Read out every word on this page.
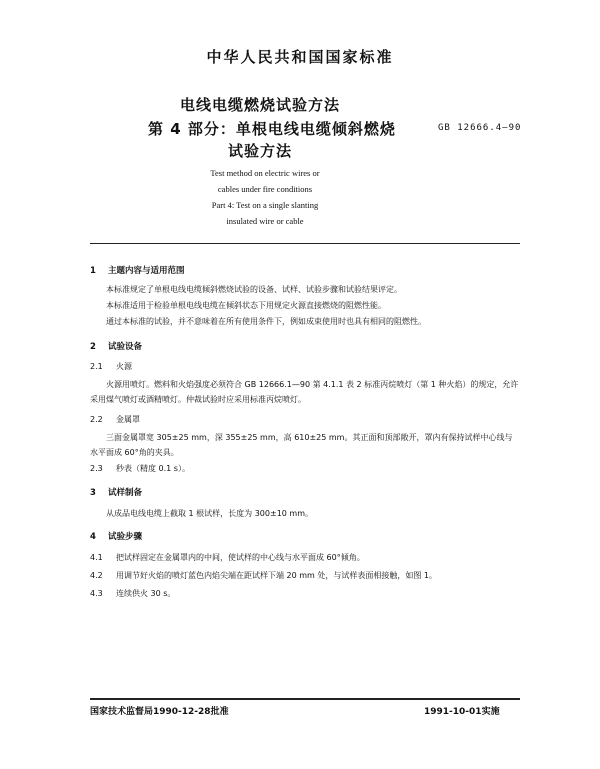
中华人民共和国国家标准
电线电缆燃烧试验方法
第 4 部分：单根电线电缆倾斜燃烧
试验方法
GB 12666.4—90
Test method on electric wires or
cables under fire conditions
Part 4: Test on a single slanting
insulated wire or cable
1 主题内容与适用范围
本标准规定了单根电线电缆倾斜燃烧试验的设备、试样、试验步骤和试验结果评定。
本标准适用于检验单根电线电缆在倾斜状态下用规定火源直接燃烧的阻燃性能。
通过本标准的试验，并不意味着在所有使用条件下，例如成束使用时也具有相同的阻燃性。
2 试验设备
2.1 火源
火源用喷灯。燃料和火焰强度必须符合 GB 12666.1—90 第 4.1.1 表 2 标准丙烷喷灯（第 1 种火焰）的规定，允许采用煤气喷灯或酒精喷灯。仲裁试验时应采用标准丙烷喷灯。
2.2 金属罩
三面金属罩宽 305±25 mm，深 355±25 mm，高 610±25 mm。其正面和顶部敞开，罩内有保持试样中心线与水平面成 60°角的夹具。
2.3 秒表（精度 0.1 s）。
3 试样制备
从成品电线电缆上截取 1 根试样，长度为 300±10 mm。
4 试验步骤
4.1 把试样固定在金属罩内的中间，使试样的中心线与水平面成 60°倾角。
4.2 用调节好火焰的喷灯蓝色内焰尖端在距试样下端 20 mm 处，与试样表面相接触，如图 1。
4.3 连续供火 30 s。
国家技术监督局1990-12-28批准	1991-10-01实施
